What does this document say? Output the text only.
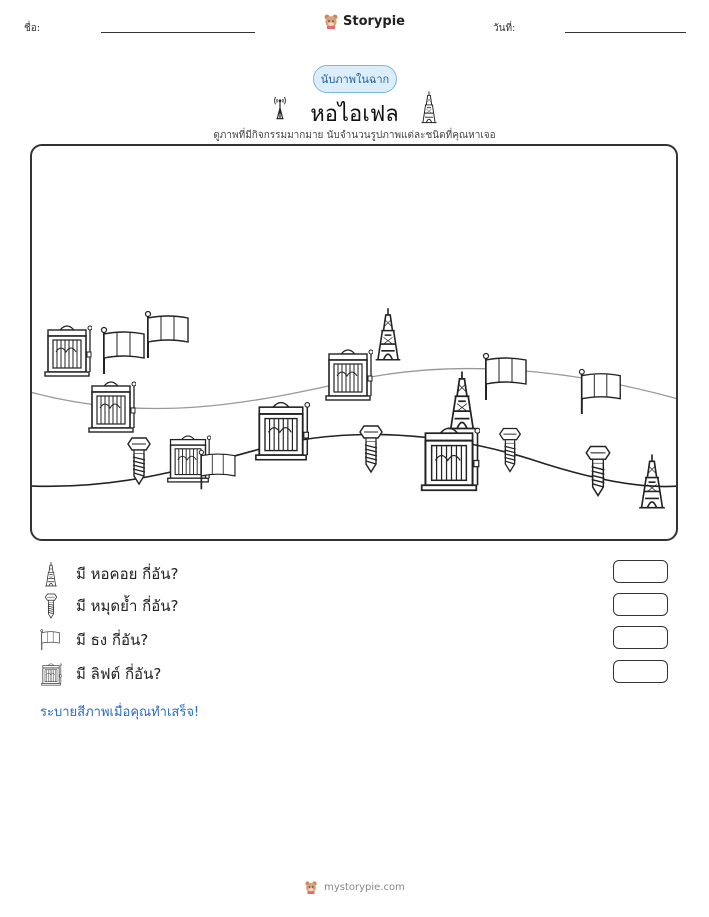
ชื่อ:	Storypie	วันที่:
นับภาพในฉาก
หอไอเฟล
ดูภาพที่มีกิจกรรมมากมาย นับจำนวนรูปภาพแต่ละชนิดที่คุณหาเจอ
มี หอคอย กี่อัน?
มี หมุดย้ำ กี่อัน?
มี ธง กี่อัน?
มี ลิฟต์ กี่อัน?
ระบายสีภาพเมื่อคุณทำเสร็จ!
mystorypie.com
